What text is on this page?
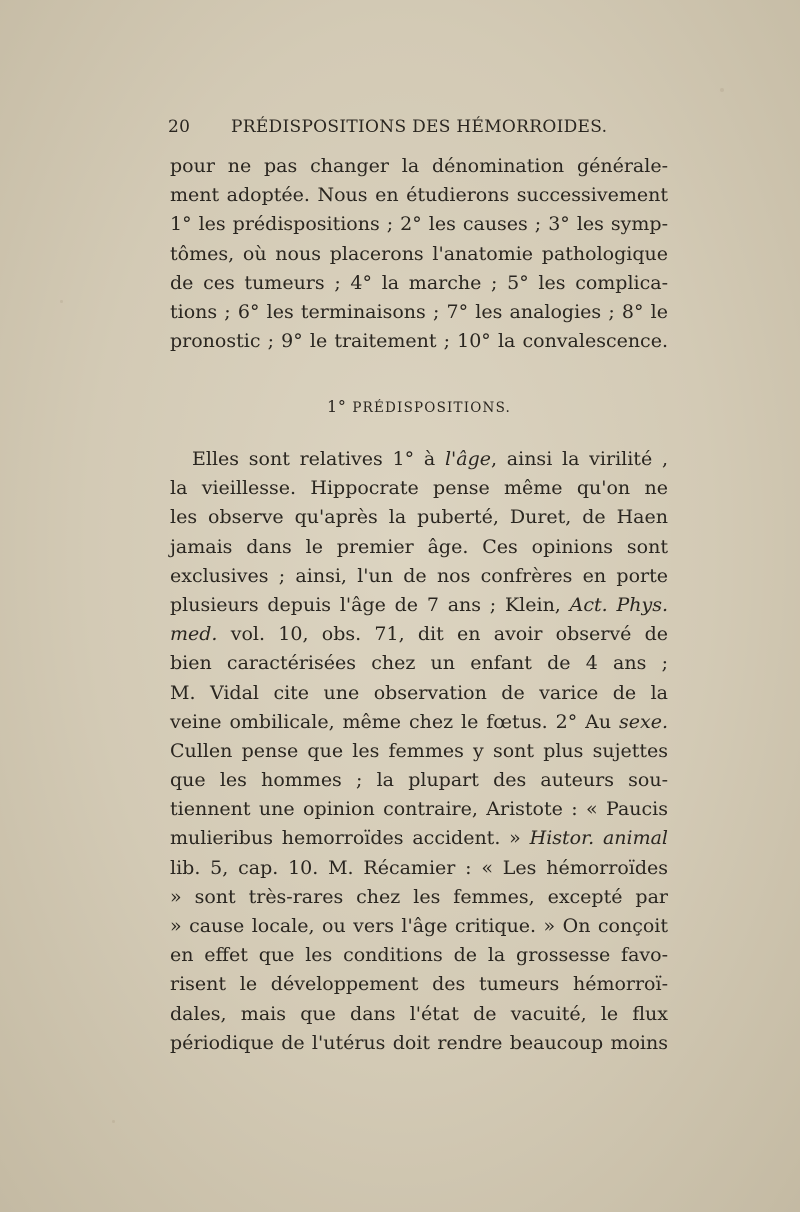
20 PRÉDISPOSITIONS DES HÉMORROIDES.
pour ne pas changer la dénomination générale-
ment adoptée. Nous en étudierons successivement
1° les prédispositions ; 2° les causes ; 3° les symp-
tômes, où nous placerons l'anatomie pathologique
de ces tumeurs ; 4° la marche ; 5° les complica-
tions ; 6° les terminaisons ; 7° les analogies ; 8° le
pronostic ; 9° le traitement ; 10° la convalescence.
1° PRÉDISPOSITIONS.
Elles sont relatives 1° à l'âge, ainsi la virilité ,
la vieillesse. Hippocrate pense même qu'on ne
les observe qu'après la puberté, Duret, de Haen
jamais dans le premier âge. Ces opinions sont
exclusives ; ainsi, l'un de nos confrères en porte
plusieurs depuis l'âge de 7 ans ; Klein, Act. Phys.
med. vol. 10, obs. 71, dit en avoir observé de
bien caractérisées chez un enfant de 4 ans ;
M. Vidal cite une observation de varice de la
veine ombilicale, même chez le fœtus. 2° Au sexe.
Cullen pense que les femmes y sont plus sujettes
que les hommes ; la plupart des auteurs sou-
tiennent une opinion contraire, Aristote : « Paucis
mulieribus hemorroïdes accident. » Histor. animal
lib. 5, cap. 10. M. Récamier : « Les hémorroïdes
» sont très-rares chez les femmes, excepté par
» cause locale, ou vers l'âge critique. » On conçoit
en effet que les conditions de la grossesse favo-
risent le développement des tumeurs hémorroï-
dales, mais que dans l'état de vacuité, le flux
périodique de l'utérus doit rendre beaucoup moins
